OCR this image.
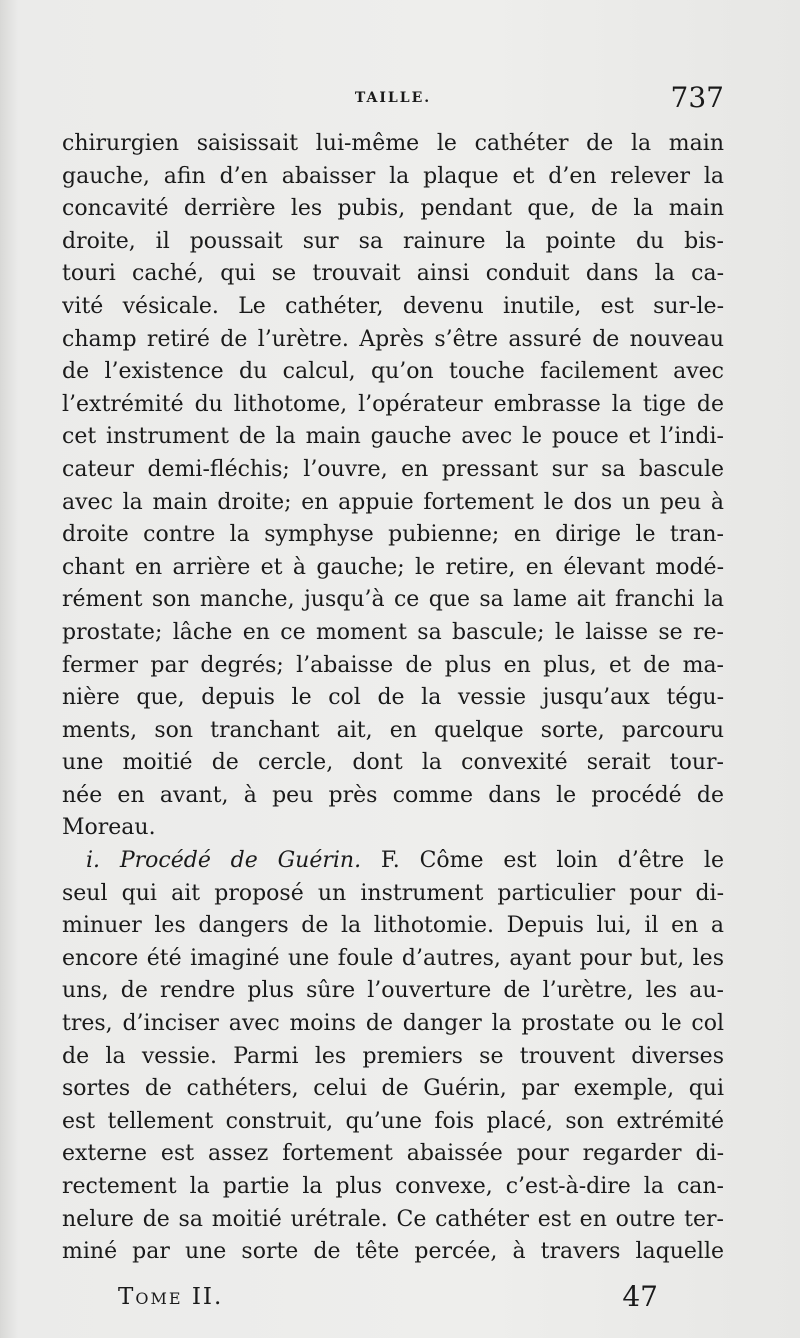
TAILLE.	737
chirurgien saisissait lui-même le cathéter de la main
gauche, afin d’en abaisser la plaque et d’en relever la
concavité derrière les pubis, pendant que, de la main
droite, il poussait sur sa rainure la pointe du bis-
touri caché, qui se trouvait ainsi conduit dans la ca-
vité vésicale. Le cathéter, devenu inutile, est sur-le-
champ retiré de l’urètre. Après s’être assuré de nouveau
de l’existence du calcul, qu’on touche facilement avec
l’extrémité du lithotome, l’opérateur embrasse la tige de
cet instrument de la main gauche avec le pouce et l’indi-
cateur demi-fléchis; l’ouvre, en pressant sur sa bascule
avec la main droite; en appuie fortement le dos un peu à
droite contre la symphyse pubienne; en dirige le tran-
chant en arrière et à gauche; le retire, en élevant modé-
rément son manche, jusqu’à ce que sa lame ait franchi la
prostate; lâche en ce moment sa bascule; le laisse se re-
fermer par degrés; l’abaisse de plus en plus, et de ma-
nière que, depuis le col de la vessie jusqu’aux tégu-
ments, son tranchant ait, en quelque sorte, parcouru
une moitié de cercle, dont la convexité serait tour-
née en avant, à peu près comme dans le procédé de
Moreau.
i. Procédé de Guérin. F. Côme est loin d’être le
seul qui ait proposé un instrument particulier pour di-
minuer les dangers de la lithotomie. Depuis lui, il en a
encore été imaginé une foule d’autres, ayant pour but, les
uns, de rendre plus sûre l’ouverture de l’urètre, les au-
tres, d’inciser avec moins de danger la prostate ou le col
de la vessie. Parmi les premiers se trouvent diverses
sortes de cathéters, celui de Guérin, par exemple, qui
est tellement construit, qu’une fois placé, son extrémité
externe est assez fortement abaissée pour regarder di-
rectement la partie la plus convexe, c’est-à-dire la can-
nelure de sa moitié urétrale. Ce cathéter est en outre ter-
miné par une sorte de tête percée, à travers laquelle
Tome II.	47
